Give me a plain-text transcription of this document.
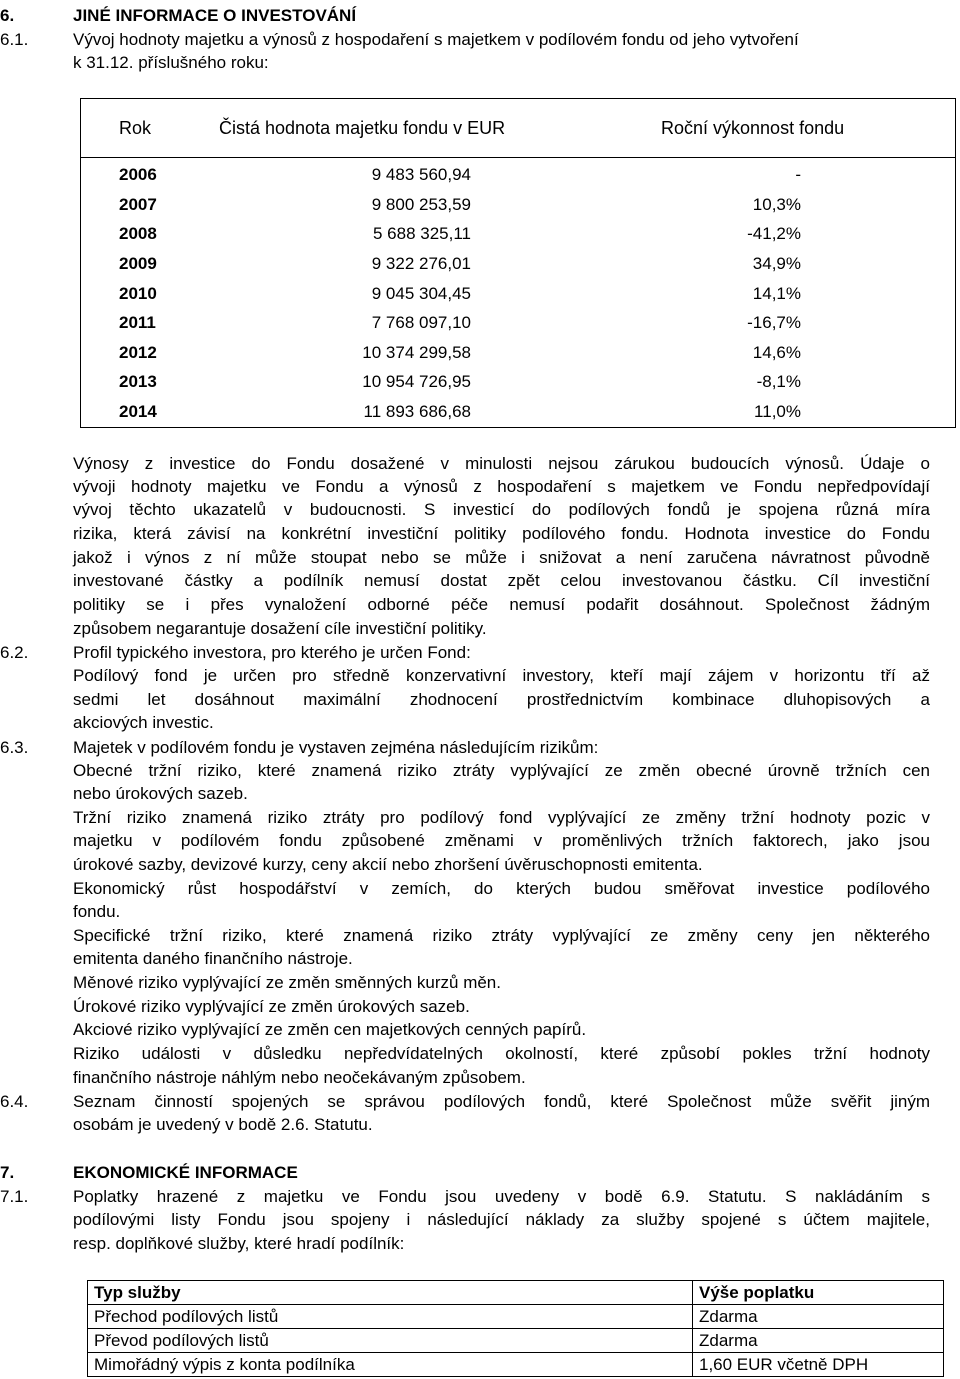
6.	JINÉ INFORMACE O INVESTOVÁNÍ
6.1.	Vývoj hodnoty majetku a výnosů z hospodaření s majetkem v podílovém fondu od jeho vytvoření
k 31.12. příslušného roku:
Rok	Čistá hodnota majetku fondu v EUR	Roční výkonnost fondu
2006	9 483 560,94	-
2007	9 800 253,59	10,3%
2008	5 688 325,11	-41,2%
2009	9 322 276,01	34,9%
2010	9 045 304,45	14,1%
2011	7 768 097,10	-16,7%
2012	10 374 299,58	14,6%
2013	10 954 726,95	-8,1%
2014	11 893 686,68	11,0%
Výnosy z investice do Fondu dosažené v minulosti nejsou zárukou budoucích výnosů. Údaje o
vývoji hodnoty majetku ve Fondu a výnosů z hospodaření s majetkem ve Fondu nepředpovídají
vývoj těchto ukazatelů v budoucnosti. S investicí do podílových fondů je spojena různá míra
rizika, která závisí na konkrétní investiční politiky podílového fondu. Hodnota investice do Fondu
jakož i výnos z ní může stoupat nebo se může i snižovat a není zaručena návratnost původně
investované částky a podílník nemusí dostat zpět celou investovanou částku. Cíl investiční
politiky se i přes vynaložení odborné péče nemusí podařit dosáhnout. Společnost žádným
způsobem negarantuje dosažení cíle investiční politiky.
6.2.	Profil typického investora, pro kterého je určen Fond:
Podílový fond je určen pro středně konzervativní investory, kteří mají zájem v horizontu tří až
sedmi let dosáhnout maximální zhodnocení prostřednictvím kombinace dluhopisových a
akciových investic.
6.3.	Majetek v podílovém fondu je vystaven zejména následujícím rizikům:
Obecné tržní riziko, které znamená riziko ztráty vyplývající ze změn obecné úrovně tržních cen
nebo úrokových sazeb.
Tržní riziko znamená riziko ztráty pro podílový fond vyplývající ze změny tržní hodnoty pozic v
majetku v podílovém fondu způsobené změnami v proměnlivých tržních faktorech, jako jsou
úrokové sazby, devizové kurzy, ceny akcií nebo zhoršení úvěruschopnosti emitenta.
Ekonomický růst hospodářství v zemích, do kterých budou směřovat investice podílového
fondu.
Specifické tržní riziko, které znamená riziko ztráty vyplývající ze změny ceny jen některého
emitenta daného finančního nástroje.
Měnové riziko vyplývající ze změn směnných kurzů měn.
Úrokové riziko vyplývající ze změn úrokových sazeb.
Akciové riziko vyplývající ze změn cen majetkových cenných papírů.
Riziko události v důsledku nepředvídatelných okolností, které způsobí pokles tržní hodnoty
finančního nástroje náhlým nebo neočekávaným způsobem.
6.4.	Seznam činností spojených se správou podílových fondů, které Společnost může svěřit jiným
osobám je uvedený v bodě 2.6. Statutu.
7.	EKONOMICKÉ INFORMACE
7.1.	Poplatky hrazené z majetku ve Fondu jsou uvedeny v bodě 6.9. Statutu. S nakládáním s
podílovými listy Fondu jsou spojeny i následující náklady za služby spojené s účtem majitele,
resp. doplňkové služby, které hradí podílník:
Typ služby	Výše poplatku
Přechod podílových listů	Zdarma
Převod podílových listů	Zdarma
Mimořádný výpis z konta podílníka	1,60 EUR včetně DPH
